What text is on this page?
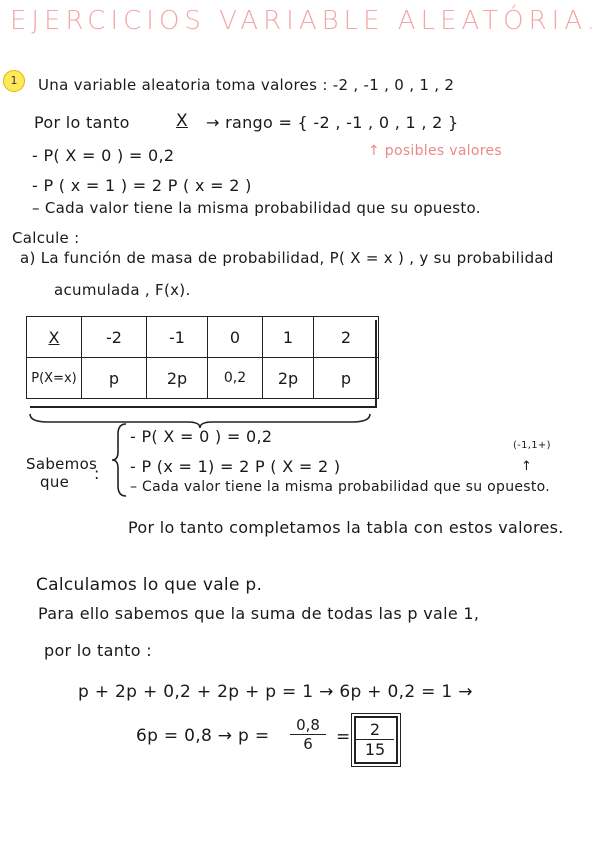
EJERCICIOS VARIABLE ALEATÓRIA.
1	Una variable aleatoria toma valores : -2 , -1 , 0 , 1 , 2
Por lo tanto	X → rango = { -2 , -1 , 0 , 1 , 2 }
- P( X = 0 ) = 0,2	↑ posibles valores
- P ( x = 1 ) = 2 P ( x = 2 )
– Cada valor tiene la misma probabilidad que su opuesto.
Calcule :
a) La función de masa de probabilidad, P( X = x ) , y su probabilidad
acumulada , F(x).
X	-2	-1	0	1	2
P(X=x)	p	2p	0,2	2p	p
Sabemos
que :
- P( X = 0 ) = 0,2	(-1,1+)
- P (x = 1) = 2 P ( X = 2 )	↑
– Cada valor tiene la misma probabilidad que su opuesto.
Por lo tanto completamos la tabla con estos valores.
Calculamos lo que vale p.
Para ello sabemos que la suma de todas las p vale 1,
por lo tanto :
p + 2p + 0,2 + 2p + p = 1 → 6p + 0,2 = 1 →
$6p = 0,8 \to p = \frac{0,8}{6} = \frac{2}{15}$
